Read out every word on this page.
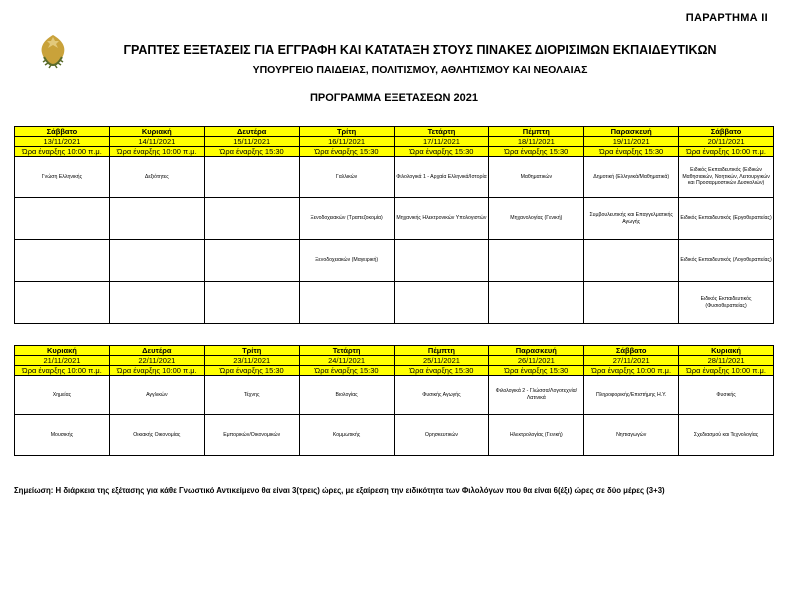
ΠΑΡΑΡΤΗΜΑ ΙΙ
ΓΡΑΠΤΕΣ ΕΞΕΤΑΣΕΙΣ ΓΙΑ ΕΓΓΡΑΦΗ ΚΑΙ ΚΑΤΑΤΑΞΗ ΣΤΟΥΣ ΠΙΝΑΚΕΣ ΔΙΟΡΙΣΙΜΩΝ ΕΚΠΑΙΔΕΥΤΙΚΩΝ
ΥΠΟΥΡΓΕΙΟ ΠΑΙΔΕΙΑΣ, ΠΟΛΙΤΙΣΜΟΥ, ΑΘΛΗΤΙΣΜΟΥ ΚΑΙ ΝΕΟΛΑΙΑΣ
ΠΡΟΓΡΑΜΜΑ ΕΞΕΤΑΣΕΩΝ 2021
Σάββατο	Κυριακή	Δευτέρα	Τρίτη	Τετάρτη	Πέμπτη	Παρασκευή	Σάββατο
13/11/2021	14/11/2021	15/11/2021	16/11/2021	17/11/2021	18/11/2021	19/11/2021	20/11/2021
Ώρα έναρξης 10:00 π.μ.	Ώρα έναρξης 10:00 π.μ.	Ώρα έναρξης 15:30	Ώρα έναρξης 15:30	Ώρα έναρξης 15:30	Ώρα έναρξης 15:30	Ώρα έναρξης 15:30	Ώρα έναρξης 10:00 π.μ.
Γνώση Ελληνικής	Δεξιότητες		Γαλλικών	Φιλολογικά 1 - Αρχαία Ελληνικά/Ιστορία	Μαθηματικών	Δημοτική (Ελληνικά/Μαθηματικά)	Ειδικός Εκπαιδευτικός (Ειδικών Μαθησιακών, Νοητικών, Λειτουργικών και Προσαρμοστικών Δυσκολιών)
			Ξενοδοχειακών (Τραπεζοκομία)	Μηχανικής Ηλεκτρονικών Υπολογιστών	Μηχανολογίας (Γενική)	Συμβουλευτικής και Επαγγελματικής Αγωγής	Ειδικός Εκπαιδευτικός (Εργοθεραπείας)
			Ξενοδοχειακών (Μαγειρική)				Ειδικός Εκπαιδευτικός (Λογοθεραπείας)
							Ειδικός Εκπαιδευτικός (Φυσιοθεραπείας)
Κυριακή	Δευτέρα	Τρίτη	Τετάρτη	Πέμπτη	Παρασκευή	Σάββατο	Κυριακή
21/11/2021	22/11/2021	23/11/2021	24/11/2021	25/11/2021	26/11/2021	27/11/2021	28/11/2021
Ώρα έναρξης 10:00 π.μ.	Ώρα έναρξης 10:00 π.μ.	Ώρα έναρξης 15:30	Ώρα έναρξης 15:30	Ώρα έναρξης 15:30	Ώρα έναρξης 15:30	Ώρα έναρξης 10:00 π.μ.	Ώρα έναρξης 10:00 π.μ.
Χημείας	Αγγλικών	Τέχνης	Βιολογίας	Φυσικής Αγωγής	Φιλολογικά 2 - Γλώσσα/Λογοτεχνία/Λατινικά	Πληροφορικής/Επιστήμης Η.Υ.	Φυσικής
Μουσικής	Οικιακής Οικονομίας	Εμπορικών/Οικονομικών	Κομμωτικής	Ορησκευτικών	Ηλεκτρολογίας (Γενική)	Νηπιαγωγών	Σχεδιασμού και Τεχνολογίας
Σημείωση: Η διάρκεια της εξέτασης για κάθε Γνωστικό Αντικείμενο θα είναι 3(τρεις) ώρες, με εξαίρεση την ειδικότητα των Φιλολόγων που θα είναι 6(έξι) ώρες σε δύο μέρες (3+3)
